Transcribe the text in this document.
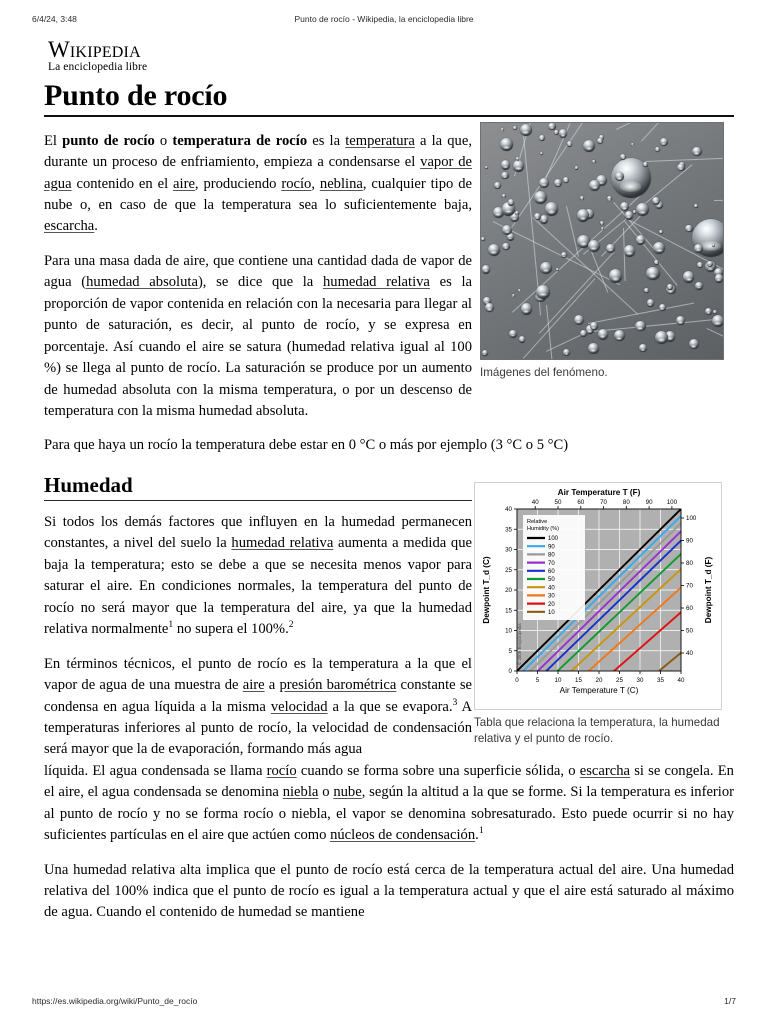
6/4/24, 3:48	Punto de rocío - Wikipedia, la enciclopedia libre
Wikipedia
La enciclopedia libre
Punto de rocío

El punto de rocío o temperatura de rocío es la temperatura a la que, durante un proceso de enfriamiento, empieza a condensarse el vapor de agua contenido en el aire, produciendo rocío, neblina, cualquier tipo de nube o, en caso de que la temperatura sea lo suficientemente baja, escarcha.

Para una masa dada de aire, que contiene una cantidad dada de vapor de agua (humedad absoluta), se dice que la humedad relativa es la proporción de vapor contenida en relación con la necesaria para llegar al punto de saturación, es decir, al punto de rocío, y se expresa en porcentaje. Así cuando el aire se satura (humedad relativa igual al 100 %) se llega al punto de rocío. La saturación se produce por un aumento de humedad absoluta con la misma temperatura, o por un descenso de temperatura con la misma humedad absoluta.

Para que haya un rocío la temperatura debe estar en 0 °C o más por ejemplo (3 °C o 5 °C)

Humedad

Si todos los demás factores que influyen en la humedad permanecen constantes, a nivel del suelo la humedad relativa aumenta a medida que baja la temperatura; esto se debe a que se necesita menos vapor para saturar el aire. En condiciones normales, la temperatura del punto de rocío no será mayor que la temperatura del aire, ya que la humedad relativa normalmente$^1$ no supera el 100%.$^2$

En términos técnicos, el punto de rocío es la temperatura a la que el vapor de agua de una muestra de aire a presión barométrica constante se condensa en agua líquida a la misma velocidad a la que se evapora.$^3$ A temperaturas inferiores al punto de rocío, la velocidad de condensación será mayor que la de evaporación, formando más agua

líquida. El agua condensada se llama rocío cuando se forma sobre una superficie sólida, o escarcha si se congela. En el aire, el agua condensada se denomina niebla o nube, según la altitud a la que se forme. Si la temperatura es inferior al punto de rocío y no se forma rocío o niebla, el vapor se denomina sobresaturado. Esto puede ocurrir si no hay suficientes partículas en el aire que actúen como núcleos de condensación.$^1$

Una humedad relativa alta implica que el punto de rocío está cerca de la temperatura actual del aire. Una humedad relativa del 100% indica que el punto de rocío es igual a la temperatura actual y que el aire está saturado al máximo de agua. Cuando el contenido de humedad se mantiene

Imágenes del fenómeno.
0	5 10 15 20 25 30 35 40
Air Temperature T (C)
40	50	60	70	80	90 100
Air Temperature T (F)
0
5
10
15
20
25
30
35
40
Dewpoint T_d (C)
40
50
60
70
80
90
100
Dewpoint T_d (F)
Relative
Humidity (%)
100
90
80
70
60
50
40
30
20
10
© 2008 Encyclopedia
Tabla que relaciona la temperatura, la humedad relativa y el punto de rocío.
https://es.wikipedia.org/wiki/Punto_de_rocío	1/7
